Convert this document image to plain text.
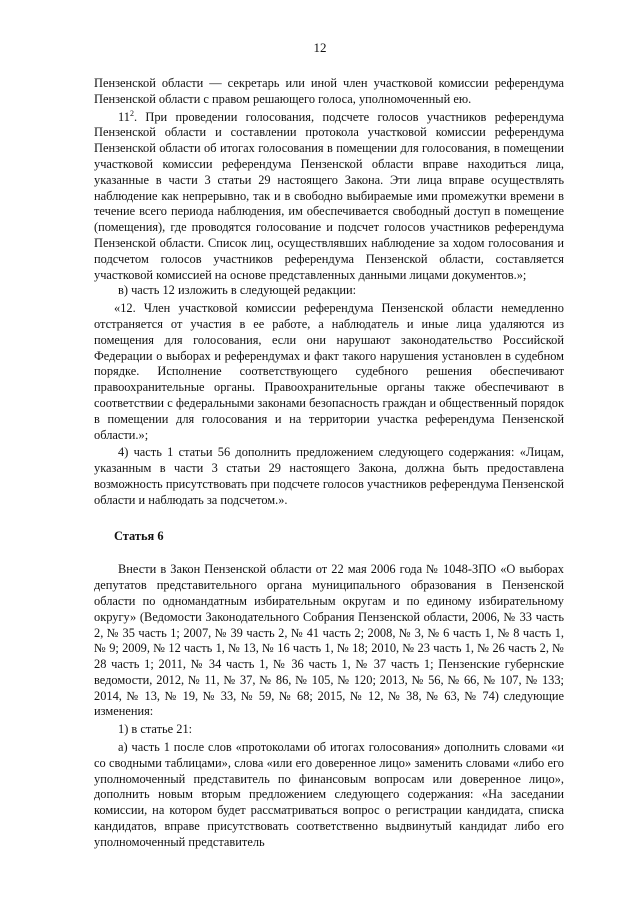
12

Пензенской области — секретарь или иной член участковой комиссии референдума Пензенской области с правом решающего голоса, уполномоченный ею.

$11^2$. При проведении голосования, подсчете голосов участников референдума Пензенской области и составлении протокола участковой комиссии референдума Пензенской области об итогах голосования в помещении для голосования, в помещении участковой комиссии референдума Пензенской области вправе находиться лица, указанные в части 3 статьи 29 настоящего Закона. Эти лица вправе осуществлять наблюдение как непрерывно, так и в свободно выбираемые ими промежутки времени в течение всего периода наблюдения, им обеспечивается свободный доступ в помещение (помещения), где проводятся голосование и подсчет голосов участников референдума Пензенской области. Список лиц, осуществлявших наблюдение за ходом голосования и подсчетом голосов участников референдума Пензенской области, составляется участковой комиссией на основе представленных данными лицами документов.»;

в) часть 12 изложить в следующей редакции:

«12. Член участковой комиссии референдума Пензенской области немедленно отстраняется от участия в ее работе, а наблюдатель и иные лица удаляются из помещения для голосования, если они нарушают законодательство Российской Федерации о выборах и референдумах и факт такого нарушения установлен в судебном порядке. Исполнение соответствующего судебного решения обеспечивают правоохранительные органы. Правоохранительные органы также обеспечивают в соответствии с федеральными законами безопасность граждан и общественный порядок в помещении для голосования и на территории участка референдума Пензенской области.»;

4) часть 1 статьи 56 дополнить предложением следующего содержания: «Лицам, указанным в части 3 статьи 29 настоящего Закона, должна быть предоставлена возможность присутствовать при подсчете голосов участников референдума Пензенской области и наблюдать за подсчетом.».

Статья 6

Внести в Закон Пензенской области от 22 мая 2006 года № 1048-ЗПО «О выборах депутатов представительного органа муниципального образования в Пензенской области по одномандатным избирательным округам и по единому избирательному округу» (Ведомости Законодательного Собрания Пензенской области, 2006, № 33 часть 2, № 35 часть 1; 2007, № 39 часть 2, № 41 часть 2; 2008, № 3, № 6 часть 1, № 8 часть 1, № 9; 2009, № 12 часть 1, № 13, № 16 часть 1, № 18; 2010, № 23 часть 1, № 26 часть 2, № 28 часть 1; 2011, № 34 часть 1, № 36 часть 1, № 37 часть 1; Пензенские губернские ведомости, 2012, № 11, № 37, № 86, № 105, № 120; 2013, № 56, № 66, № 107, № 133; 2014, № 13, № 19, № 33, № 59, № 68; 2015, № 12, № 38, № 63, № 74) следующие изменения:

1) в статье 21:

а) часть 1 после слов «протоколами об итогах голосования» дополнить словами «и со сводными таблицами», слова «или его доверенное лицо» заменить словами «либо его уполномоченный представитель по финансовым вопросам или доверенное лицо», дополнить новым вторым предложением следующего содержания: «На заседании комиссии, на котором будет рассматриваться вопрос о регистрации кандидата, списка кандидатов, вправе присутствовать соответственно выдвинутый кандидат либо его уполномоченный представитель
